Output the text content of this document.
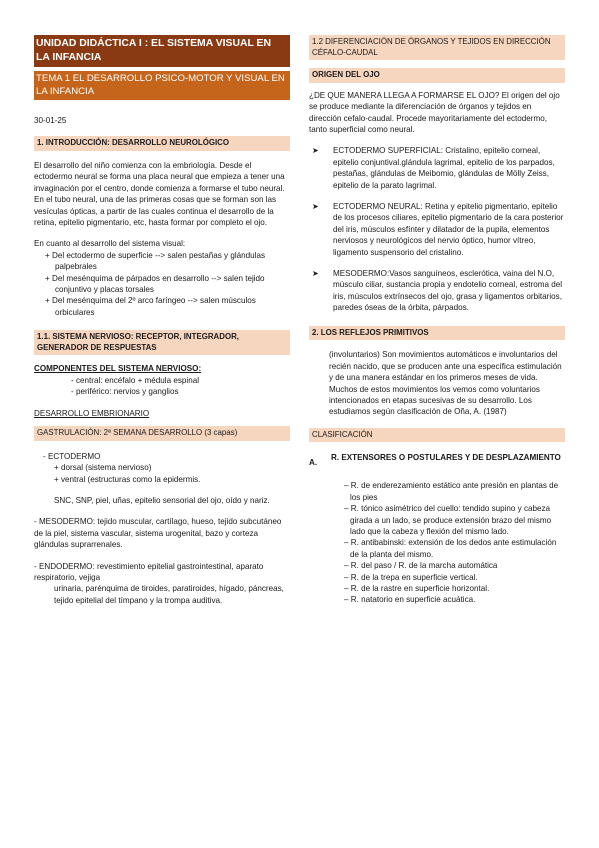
UNIDAD DIDÁCTICA I : EL SISTEMA VISUAL EN LA INFANCIA

TEMA 1 EL DESARROLLO PSICO-MOTOR Y VISUAL EN LA INFANCIA

30-01-25

1. INTRODUCCIÓN: DESARROLLO NEUROLÓGICO

El desarrollo del niño comienza con la embriología. Desde el ectodermo neural se forma una placa neural que empieza a tener una invaginación por el centro, donde comienza a formarse el tubo neural. En el tubo neural, una de las primeras cosas que se forman son las vesículas ópticas, a partir de las cuales continua el desarrollo de la retina, epitelio pigmentario, etc, hasta formar por completo el ojo.

En cuanto al desarrollo del sistema visual:

+ Del ectodermo de superficie --> salen pestañas y glándulas palpebrales
+ Del mesénquima de párpados en desarrollo --> salen tejido conjuntivo y placas torsales
+ Del mesénquima del 2º arco faríngeo --> salen músculos orbiculares

1.1. SISTEMA NERVIOSO: RECEPTOR, INTEGRADOR, GENERADOR DE RESPUESTAS

COMPONENTES DEL SISTEMA NERVIOSO:

- central: encéfalo + médula espinal
- periférico: nervios y ganglios

DESARROLLO EMBRIONARIO

GASTRULACIÓN: 2ª SEMANA DESARROLLO (3 capas)

- ECTODERMO

+ dorsal (sistema nervioso)
+ ventral (estructuras como la epidermis.

SNC, SNP, piel, uñas, epitelio sensorial del ojo, oído y nariz.

- MESODERMO: tejido muscular, cartílago, hueso, tejido subcutáneo de la piel, sistema vascular, sistema urogenital, bazo y corteza glándulas suprarrenales.

- ENDODERMO: revestimiento epitelial gastrointestinal, aparato respiratorio, vejiga

urinaria, parénquima de tiroides, paratiroides, hígado, páncreas, tejido epitelial del tímpano y la trompa auditiva.

1.2 DIFERENCIACIÓN DE ÓRGANOS Y TEJIDOS EN DIRECCIÓN CÉFALO-CAUDAL

ORIGEN DEL OJO

¿DE QUE MANERA LLEGA A FORMARSE EL OJO? El origen del ojo se produce mediante la diferenciación de órganos y tejidos en dirección cefalo-caudal. Procede mayoritariamente del ectodermo, tanto superficial como neural.

➤ ECTODERMO SUPERFICIAL: Cristalino, epitelio corneal, epitelio conjuntival.glándula lagrimal, epitelio de los parpados, pestañas, glándulas de Meibomio, glándulas de Mölly Zeiss, epitelio de la parato lagrimal.
➤ ECTODERMO NEURAL: Retina y epitelio pigmentario, epitelio de los procesos ciliares, epitelio pigmentario de la cara posterior del iris, músculos esfínter y dilatador de la pupila, elementos nerviosos y neurológicos del nervio óptico, humor vítreo, ligamento suspensorio del cristalino.
➤ MESODERMO:Vasos sanguíneos, esclerótica, vaina del N.O, músculo ciliar, sustancia propia y endotelio corneal, estroma del iris, músculos extrínsecos del ojo, grasa y ligamentos orbitarios, paredes óseas de la órbita, párpados.

2. LOS REFLEJOS PRIMITIVOS

(involuntarios) Son movimientos automáticos e involuntarios del recién nacido, que se producen ante una específica estimulación y de una manera estándar en los primeros meses de vida. Muchos de estos movimientos los vemos como voluntarios intencionados en etapas sucesivas de su desarrollo. Los estudiamos según clasificación de Oña, A. (1987)

CLASIFICACIÓN

A.
R. EXTENSORES O POSTULARES Y DE DESPLAZAMIENTO
– R. de enderezamiento estático ante presión en plantas de los pies
– R. tónico asimétrico del cuello: tendido supino y cabeza girada a un lado, se produce extensión brazo del mismo lado que la cabeza y flexión del mismo lado.
– R. antibabinski: extensión de los dedos ante estimulación de la planta del mismo.
– R. del paso / R. de la marcha automática
– R. de la trepa en superficie vertical.
– R. de la rastre en superficie horizontal.
– R. natatorio en superficie acuática.
